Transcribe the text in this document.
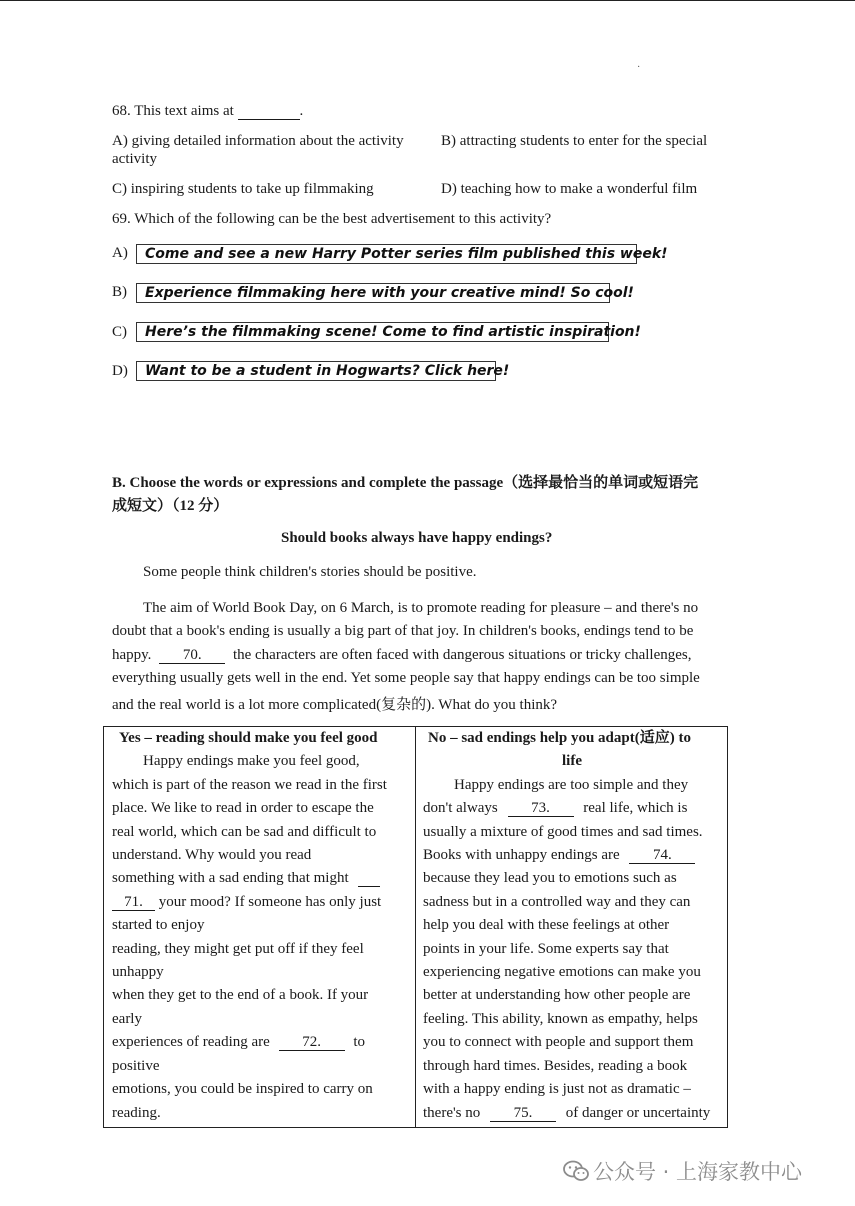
·
68. This text aims at	.
A) giving detailed information about the activity B) attracting students to enter for the special
activity
C) inspiring students to take up filmmaking	D) teaching how to make a wonderful film
69. Which of the following can be the best advertisement to this activity?
A)	Come and see a new Harry Potter series film published this week!
B)	Experience filmmaking here with your creative mind! So cool!
C)	Here’s the filmmaking scene! Come to find artistic inspiration!
D)	Want to be a student in Hogwarts? Click here!
B. Choose the words or expressions and complete the passage（选择最恰当的单词或短语完
成短文）（12 分）
Should books always have happy endings?
Some people think children's stories should be positive.
The aim of World Book Day, on 6 March, is to promote reading for pleasure – and there's no
doubt that a book's ending is usually a big part of that joy. In children's books, endings tend to be
happy. 70. the characters are often faced with dangerous situations or tricky challenges,
everything usually gets well in the end. Yet some people say that happy endings can be too simple
and the real world is a lot more complicated(复杂的). What do you think?
Yes – reading should make you feel good
Happy endings make you feel good,
which is part of the reason we read in the first
place. We like to read in order to escape the
real world, which can be sad and difficult to
understand. Why would you read
something with a sad ending that might
71. your mood? If someone has only just
started to enjoy
reading, they might get put off if they feel
unhappy
when they get to the end of a book. If your
early
experiences of reading are 72. to
positive
emotions, you could be inspired to carry on
reading.
No – sad endings help you adapt(适应) to
life
Happy endings are too simple and they
don't always 73. real life, which is
usually a mixture of good times and sad times.
Books with unhappy endings are 74.
because they lead you to emotions such as
sadness but in a controlled way and they can
help you deal with these feelings at other
points in your life. Some experts say that
experiencing negative emotions can make you
better at understanding how other people are
feeling. This ability, known as empathy, helps
you to connect with people and support them
through hard times. Besides, reading a book
with a happy ending is just not as dramatic –
there's no 75. of danger or uncertainty
公众号 · 上海家教中心
